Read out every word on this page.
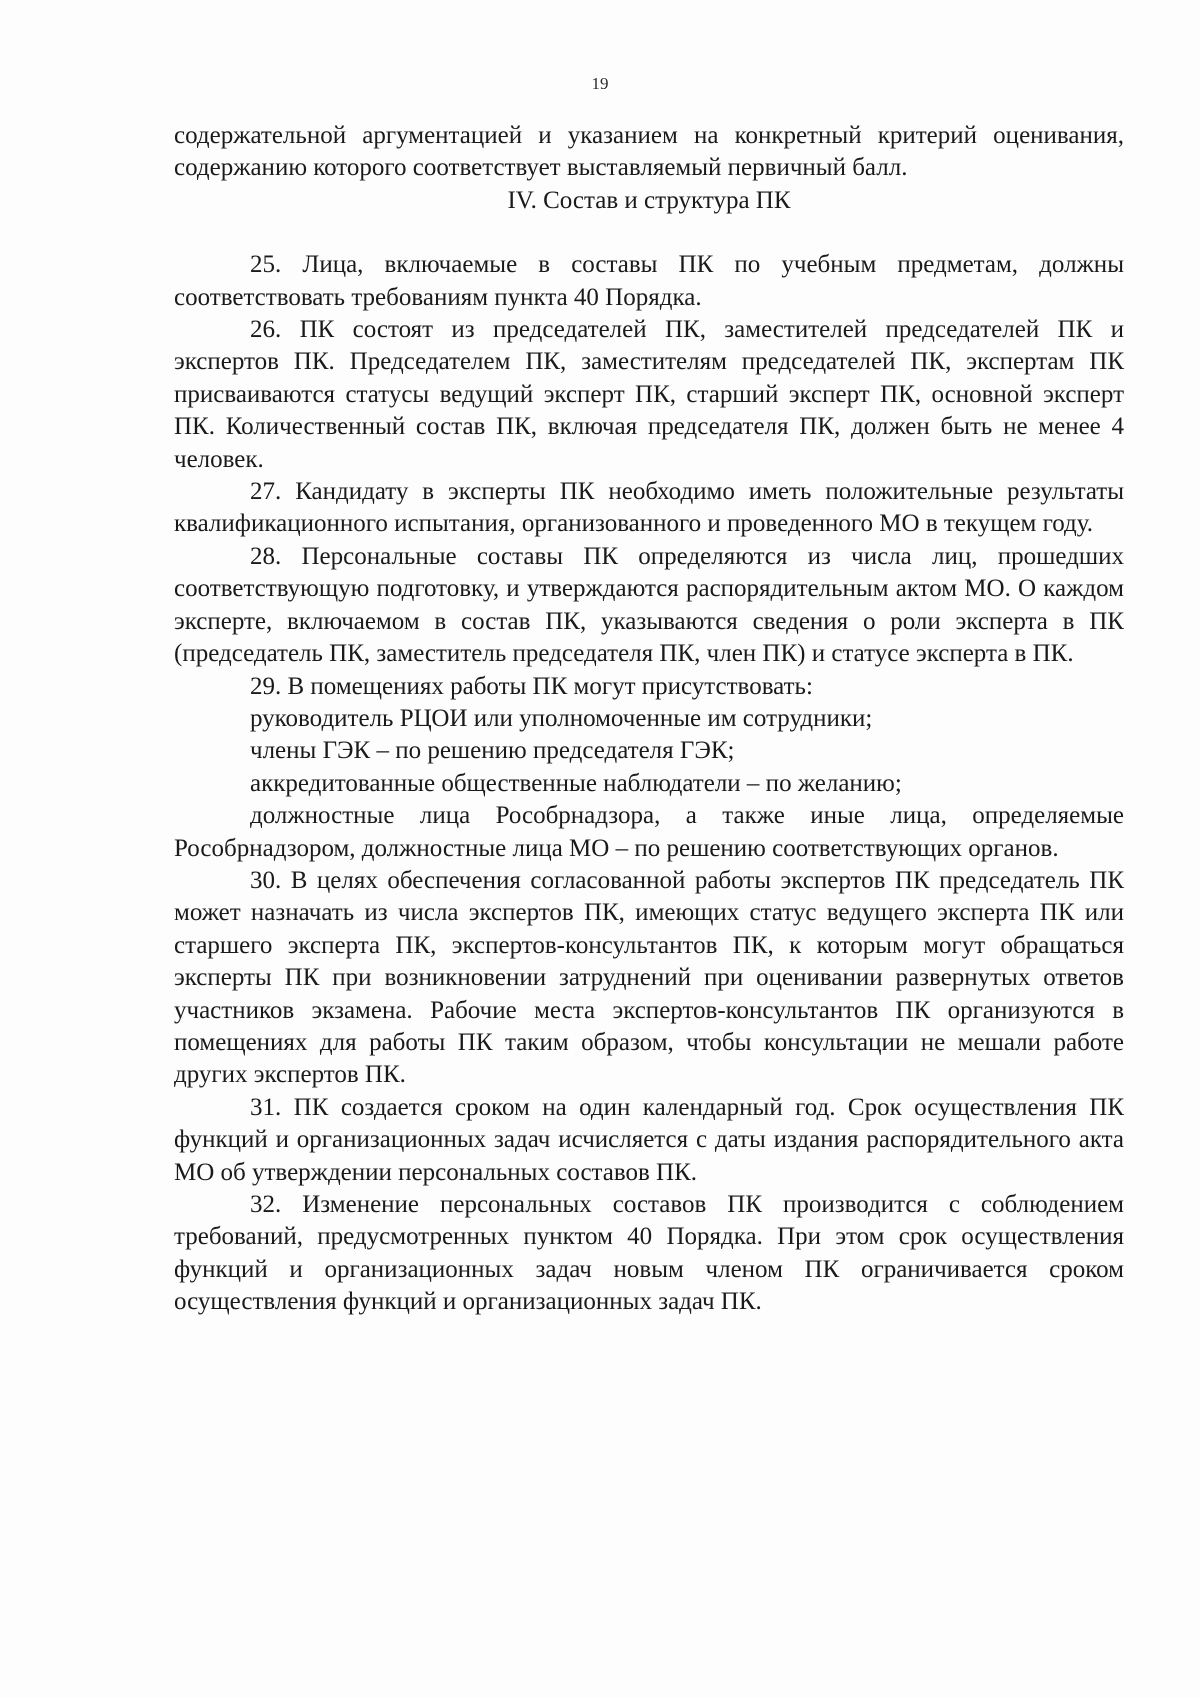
19

содержательной аргументацией и указанием на конкретный критерий оценивания, содержанию которого соответствует выставляемый первичный балл.

IV. Состав и структура ПК

25. Лица, включаемые в составы ПК по учебным предметам, должны соответствовать требованиям пункта 40 Порядка.

26. ПК состоят из председателей ПК, заместителей председателей ПК и экспертов ПК. Председателем ПК, заместителям председателей ПК, экспертам ПК присваиваются статусы ведущий эксперт ПК, старший эксперт ПК, основной эксперт ПК. Количественный состав ПК, включая председателя ПК, должен быть не менее 4 человек.

27. Кандидату в эксперты ПК необходимо иметь положительные результаты квалификационного испытания, организованного и проведенного МО в текущем году.

28. Персональные составы ПК определяются из числа лиц, прошедших соответствующую подготовку, и утверждаются распорядительным актом МО. О каждом эксперте, включаемом в состав ПК, указываются сведения о роли эксперта в ПК (председатель ПК, заместитель председателя ПК, член ПК) и статусе эксперта в ПК.

29. В помещениях работы ПК могут присутствовать:

руководитель РЦОИ или уполномоченные им сотрудники;

члены ГЭК – по решению председателя ГЭК;

аккредитованные общественные наблюдатели – по желанию;

должностные лица Рособрнадзора, а также иные лица, определяемые Рособрнадзором, должностные лица МО – по решению соответствующих органов.

30. В целях обеспечения согласованной работы экспертов ПК председатель ПК может назначать из числа экспертов ПК, имеющих статус ведущего эксперта ПК или старшего эксперта ПК, экспертов-консультантов ПК, к которым могут обращаться эксперты ПК при возникновении затруднений при оценивании развернутых ответов участников экзамена. Рабочие места экспертов-консультантов ПК организуются в помещениях для работы ПК таким образом, чтобы консультации не мешали работе других экспертов ПК.

31. ПК создается сроком на один календарный год. Срок осуществления ПК функций и организационных задач исчисляется с даты издания распорядительного акта МО об утверждении персональных составов ПК.

32. Изменение персональных составов ПК производится с соблюдением требований, предусмотренных пунктом 40 Порядка. При этом срок осуществления функций и организационных задач новым членом ПК ограничивается сроком осуществления функций и организационных задач ПК.
